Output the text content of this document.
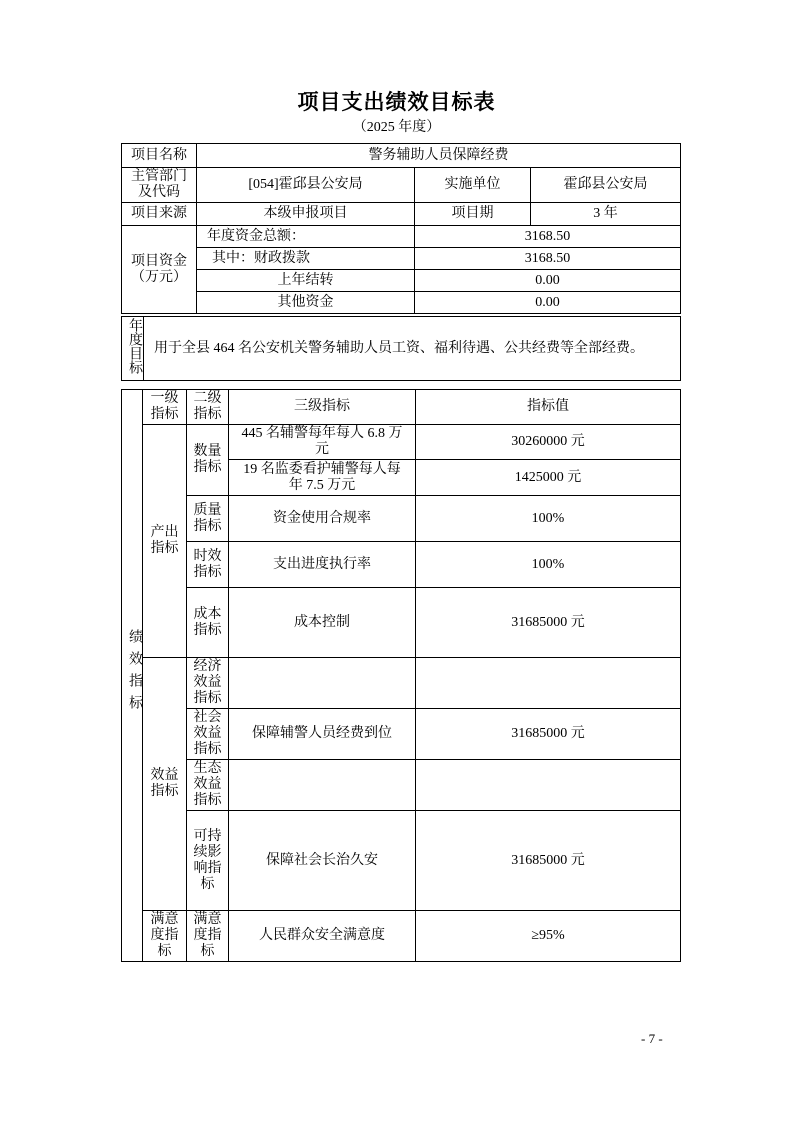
项目支出绩效目标表
（2025 年度）
项目名称	警务辅助人员保障经费		
主管部门及代码	[054]霍邱县公安局	实施单位	霍邱县公安局
项目来源	本级申报项目	项目期	3 年
项目资金（万元）	年度资金总额：	3168.50	
	其中：财政拨款	3168.50	
	上年结转	0.00	
	其他资金	0.00	
年度目标	用于全县 464 名公安机关警务辅助人员工资、福利待遇、公共经费等全部经费。
绩效指标	一级指标	二级指标	三级指标	指标值
	产出指标	数量指标	445 名辅警每年每人 6.8 万元	30260000 元
			19 名监委看护辅警每人每年 7.5 万元	1425000 元
		质量指标	资金使用合规率	100%
		时效指标	支出进度执行率	100%
		成本指标	成本控制	31685000 元
	效益指标	经济效益指标		
		社会效益指标	保障辅警人员经费到位	31685000 元
		生态效益指标		
		可持续影响指标	保障社会长治久安	31685000 元
	满意度指标	满意度指标	人民群众安全满意度	≥95%
- 7 -
